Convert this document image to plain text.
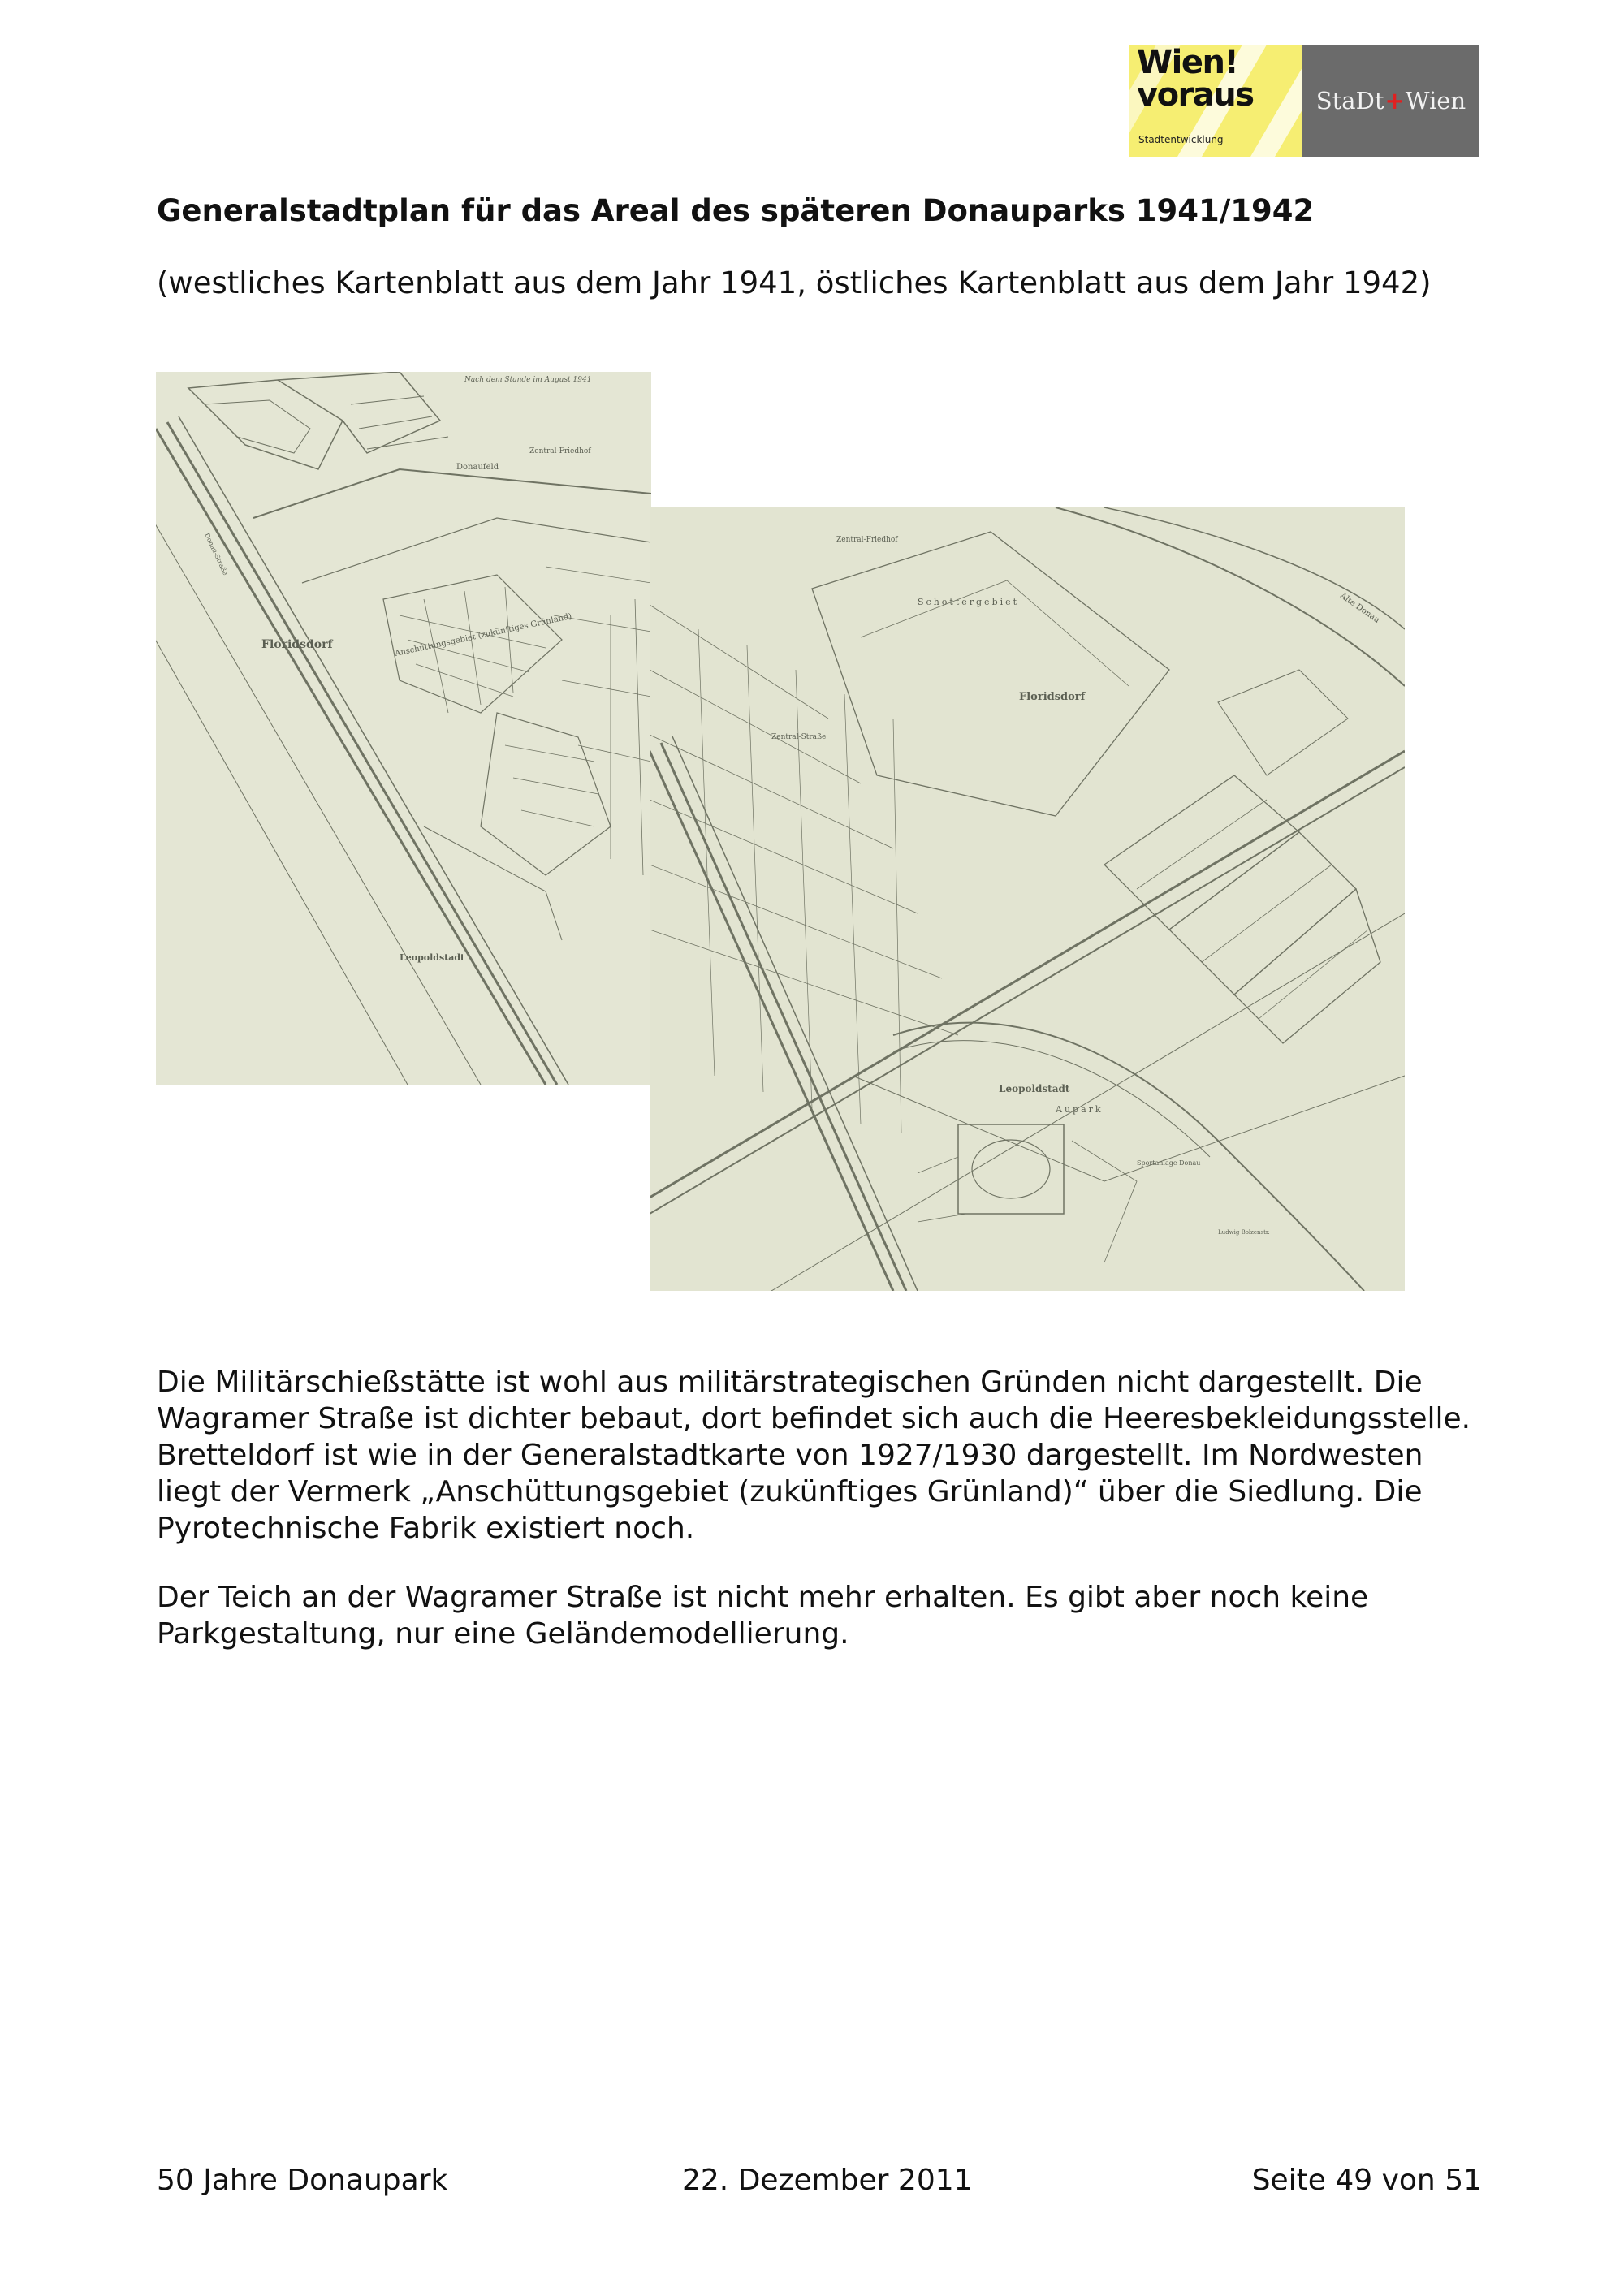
Wien!
voraus
Stadtentwicklung
StaDt + Wien
Generalstadtplan für das Areal des späteren Donauparks 1941/1942
(westliches Kartenblatt aus dem Jahr 1941, östliches Kartenblatt aus dem Jahr 1942)
Floridsdorf
Leopoldstadt
Donaufeld
Zentral-Friedhof
Anschüttungsgebiet (zukünftiges Grünland)
Donau-Straße
Nach dem Stande im August 1941
Floridsdorf
Leopoldstadt
Zentral-Friedhof
Schottergebiet
Zentral-Straße
Aupark
Sportanlage Donau
Ludwig Bolzenstr.
Alte Donau

Die Militärschießstätte ist wohl aus militärstrategischen Gründen nicht dargestellt. Die Wagramer Straße ist dichter bebaut, dort befindet sich auch die Heeresbekleidungsstelle. Bretteldorf ist wie in der Generalstadtkarte von 1927/1930 dargestellt. Im Nordwesten liegt der Vermerk „Anschüttungsgebiet (zukünftiges Grünland)“ über die Siedlung. Die Pyrotechnische Fabrik existiert noch.

Der Teich an der Wagramer Straße ist nicht mehr erhalten. Es gibt aber noch keine Parkgestaltung, nur eine Geländemodellierung.

50 Jahre Donaupark	22. Dezember 2011	Seite 49 von 51
